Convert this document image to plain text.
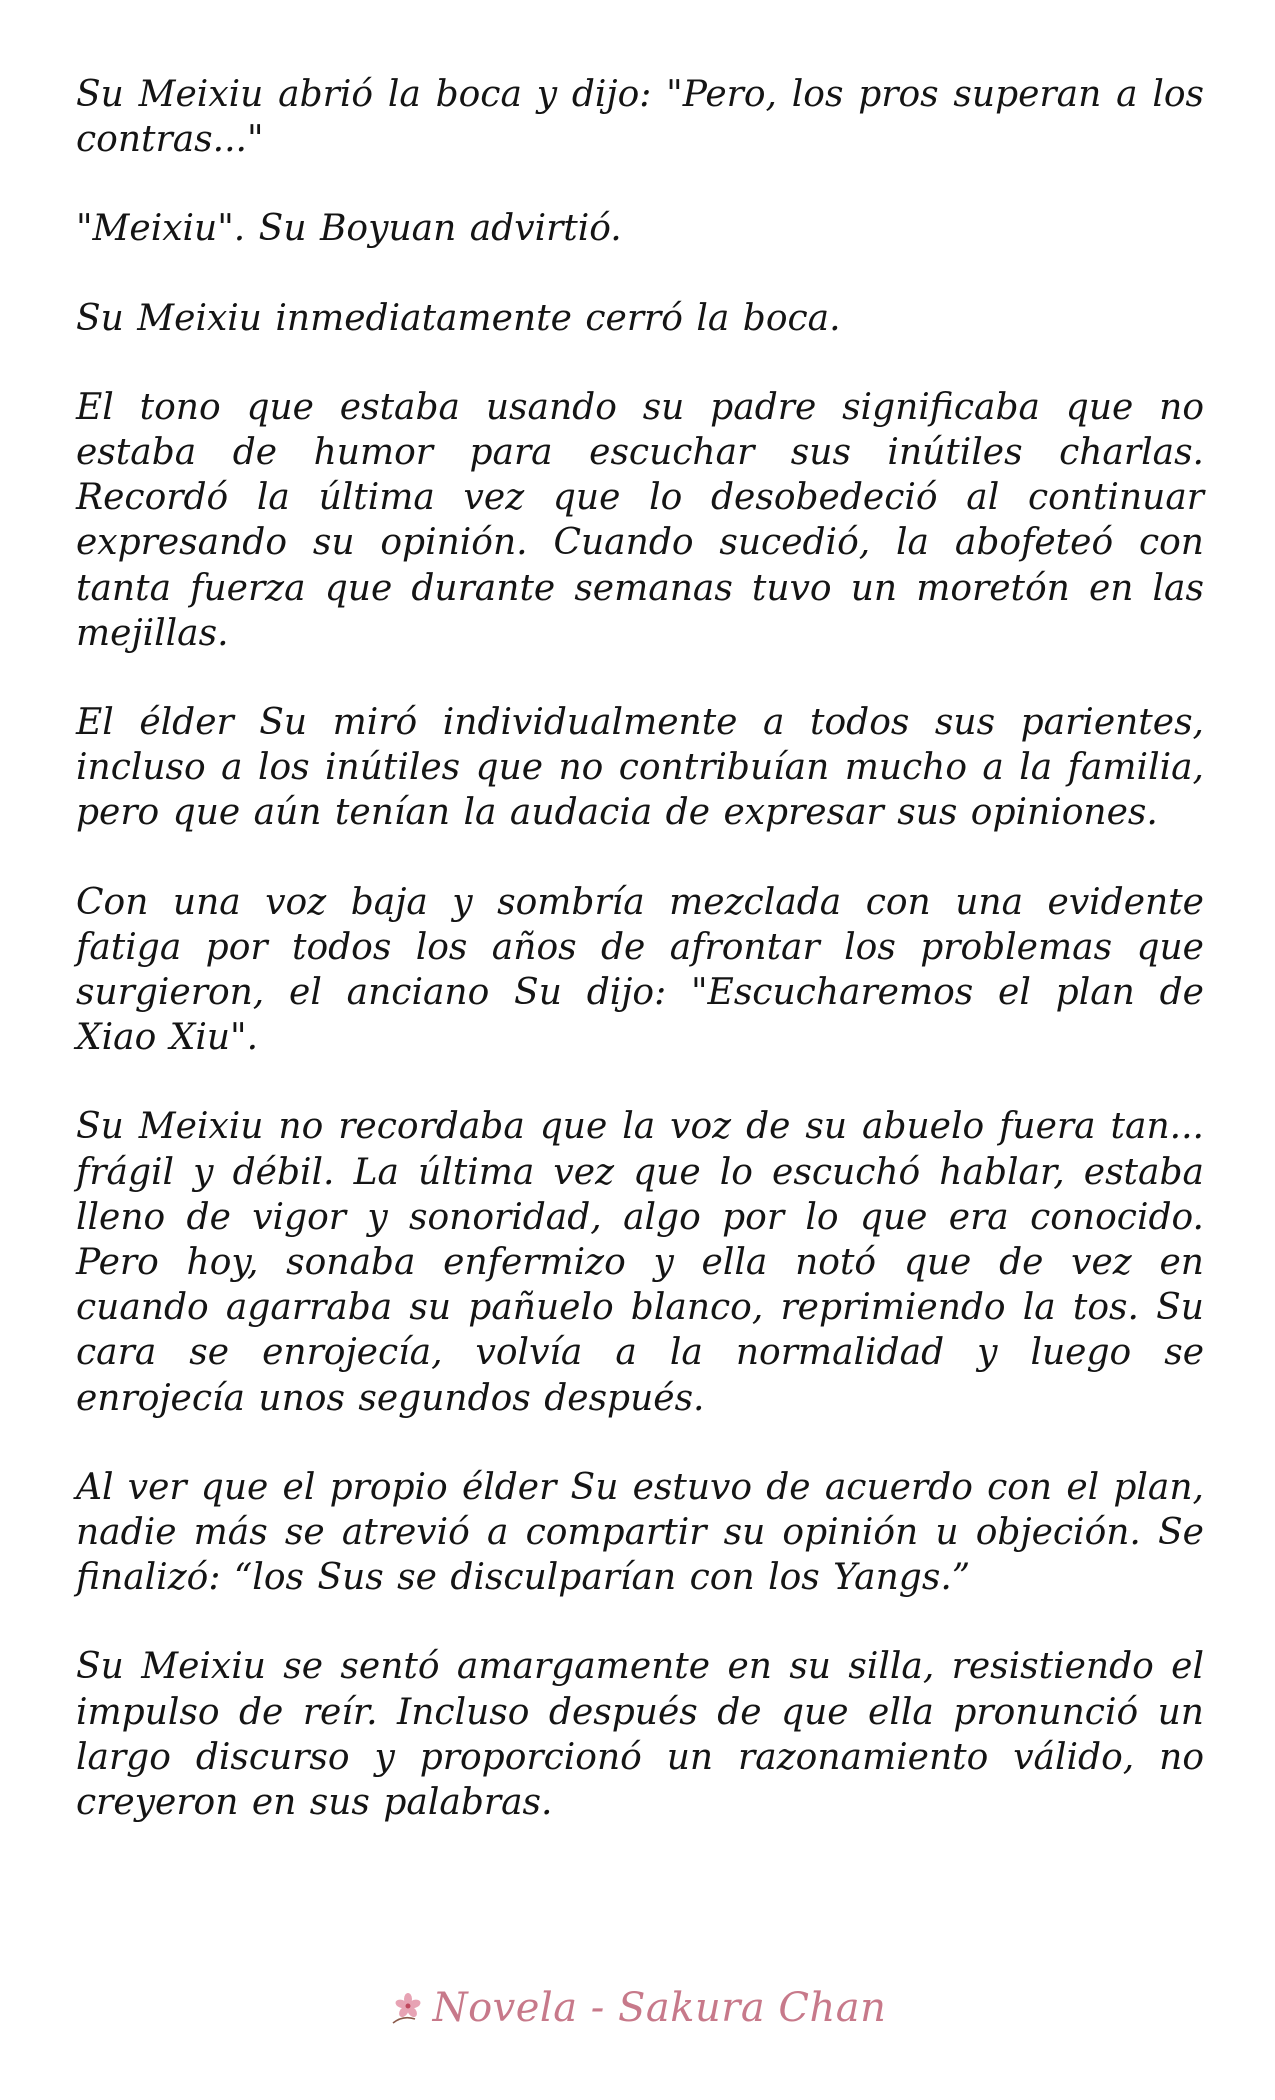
Su Meixiu abrió la boca y dijo: "Pero, los pros superan a los contras..."

"Meixiu". Su Boyuan advirtió.

Su Meixiu inmediatamente cerró la boca.

El tono que estaba usando su padre significaba que no estaba de humor para escuchar sus inútiles charlas. Recordó la última vez que lo desobedeció al continuar expresando su opinión. Cuando sucedió, la abofeteó con tanta fuerza que durante semanas tuvo un moretón en las mejillas.

El élder Su miró individualmente a todos sus parientes, incluso a los inútiles que no contribuían mucho a la familia, pero que aún tenían la audacia de expresar sus opiniones.

Con una voz baja y sombría mezclada con una evidente fatiga por todos los años de afrontar los problemas que surgieron, el anciano Su dijo: "Escucharemos el plan de Xiao Xiu".

Su Meixiu no recordaba que la voz de su abuelo fuera tan... frágil y débil. La última vez que lo escuchó hablar, estaba lleno de vigor y sonoridad, algo por lo que era conocido. Pero hoy, sonaba enfermizo y ella notó que de vez en cuando agarraba su pañuelo blanco, reprimiendo la tos. Su cara se enrojecía, volvía a la normalidad y luego se enrojecía unos segundos después.

Al ver que el propio élder Su estuvo de acuerdo con el plan, nadie más se atrevió a compartir su opinión u objeción. Se finalizó: “los Sus se disculparían con los Yangs.”

Su Meixiu se sentó amargamente en su silla, resistiendo el impulso de reír. Incluso después de que ella pronunció un largo discurso y proporcionó un razonamiento válido, no creyeron en sus palabras.

Novela - Sakura Chan
